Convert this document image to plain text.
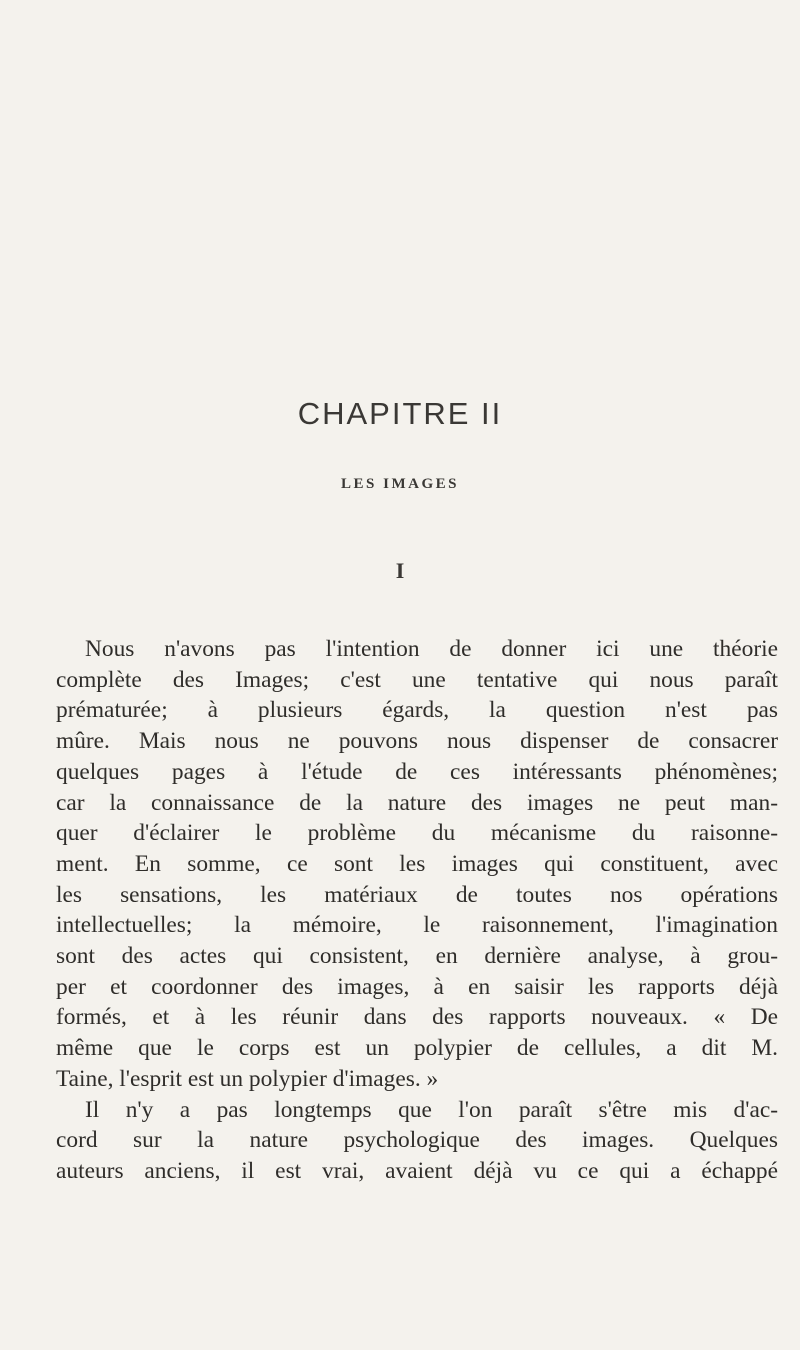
CHAPITRE II
LES IMAGES
I
Nous n'avons pas l'intention de donner ici une théorie
complète des Images; c'est une tentative qui nous paraît
prématurée; à plusieurs égards, la question n'est pas
mûre. Mais nous ne pouvons nous dispenser de consacrer
quelques pages à l'étude de ces intéressants phénomènes;
car la connaissance de la nature des images ne peut man-
quer d'éclairer le problème du mécanisme du raisonne-
ment. En somme, ce sont les images qui constituent, avec
les sensations, les matériaux de toutes nos opérations
intellectuelles; la mémoire, le raisonnement, l'imagination
sont des actes qui consistent, en dernière analyse, à grou-
per et coordonner des images, à en saisir les rapports déjà
formés, et à les réunir dans des rapports nouveaux. « De
même que le corps est un polypier de cellules, a dit M.
Taine, l'esprit est un polypier d'images. »
Il n'y a pas longtemps que l'on paraît s'être mis d'ac-
cord sur la nature psychologique des images. Quelques
auteurs anciens, il est vrai, avaient déjà vu ce qui a échappé
